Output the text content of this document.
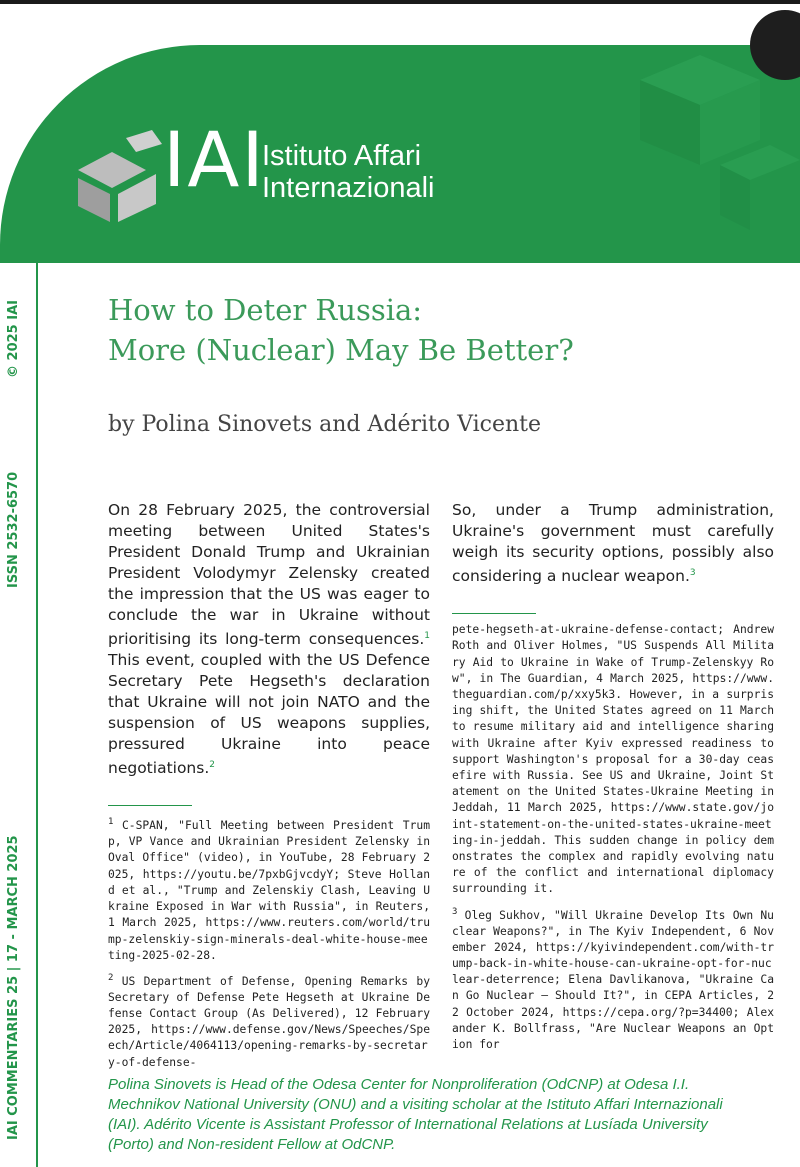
IAI
Istituto Affari
Internazionali
© 2025 IAI
ISSN 2532-6570
IAI COMMENTARIES 25 | 17 - MARCH 2025
How to Deter Russia:
More (Nuclear) May Be Better?
by Polina Sinovets and Adérito Vicente

On 28 February 2025, the controversial meeting between United States's President Donald Trump and Ukrainian President Volodymyr Zelensky created the impression that the US was eager to conclude the war in Ukraine without prioritising its long-term consequences.$^1$ This event, coupled with the US Defence Secretary Pete Hegseth's declaration that Ukraine will not join NATO and the suspension of US weapons supplies, pressured Ukraine into peace negotiations.$^2$

$^1$ C-SPAN, "Full Meeting between President Trump, VP Vance and Ukrainian President Zelensky in Oval Office" (video), in YouTube, 28 February 2025, https://youtu.be/7pxbGjvcdyY; Steve Holland et al., "Trump and Zelenskiy Clash, Leaving Ukraine Exposed in War with Russia", in Reuters, 1 March 2025, https://www.reuters.com/world/trump-zelenskiy-sign-minerals-deal-white-house-meeting-2025-02-28.

$^2$ US Department of Defense, Opening Remarks by Secretary of Defense Pete Hegseth at Ukraine Defense Contact Group (As Delivered), 12 February 2025, https://www.defense.gov/News/Speeches/Speech/Article/4064113/opening-remarks-by-secretary-of-defense-

So, under a Trump administration, Ukraine's government must carefully weigh its security options, possibly also considering a nuclear weapon.$^3$

pete-hegseth-at-ukraine-defense-contact; Andrew Roth and Oliver Holmes, "US Suspends All Military Aid to Ukraine in Wake of Trump-Zelenskyy Row", in The Guardian, 4 March 2025, https://www.theguardian.com/p/xxy5k3. However, in a surprising shift, the United States agreed on 11 March to resume military aid and intelligence sharing with Ukraine after Kyiv expressed readiness to support Washington's proposal for a 30-day ceasefire with Russia. See US and Ukraine, Joint Statement on the United States-Ukraine Meeting in Jeddah, 11 March 2025, https://www.state.gov/joint-statement-on-the-united-states-ukraine-meeting-in-jeddah. This sudden change in policy demonstrates the complex and rapidly evolving nature of the conflict and international diplomacy surrounding it.

$^3$ Oleg Sukhov, "Will Ukraine Develop Its Own Nuclear Weapons?", in The Kyiv Independent, 6 November 2024, https://kyivindependent.com/with-trump-back-in-white-house-can-ukraine-opt-for-nuclear-deterrence; Elena Davlikanova, "Ukraine Can Go Nuclear — Should It?", in CEPA Articles, 22 October 2024, https://cepa.org/?p=34400; Alexander K. Bollfrass, "Are Nuclear Weapons an Option for

Polina Sinovets is Head of the Odesa Center for Nonproliferation (OdCNP) at Odesa I.I. Mechnikov National University (ONU) and a visiting scholar at the Istituto Affari Internazionali (IAI). Adérito Vicente is Assistant Professor of International Relations at Lusíada University (Porto) and Non-resident Fellow at OdCNP.
